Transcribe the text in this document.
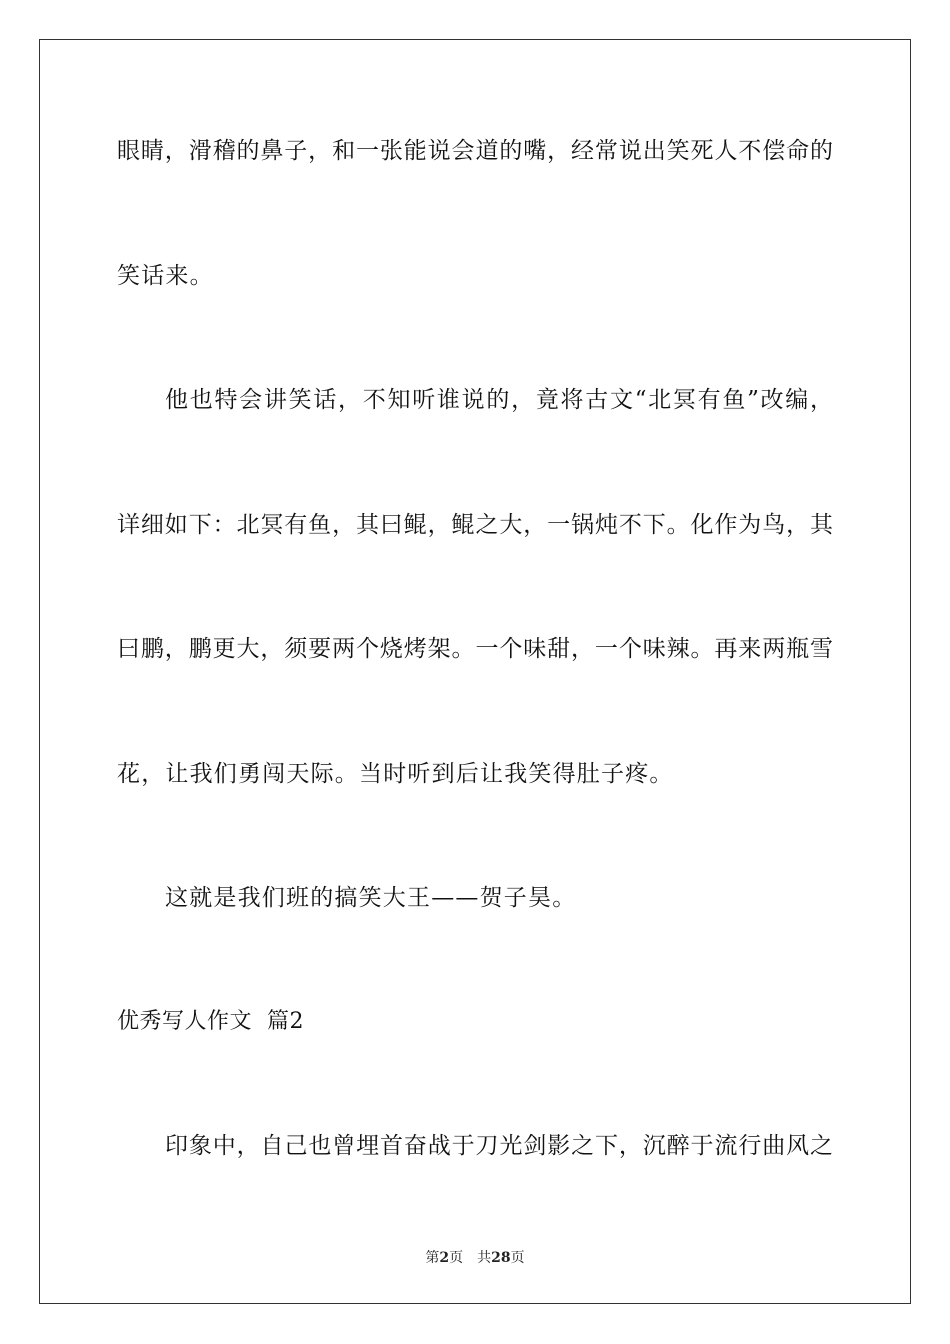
眼睛，滑稽的鼻子，和一张能说会道的嘴，经常说出笑死人不偿命的
笑话来。
他也特会讲笑话，不知听谁说的，竟将古文“北冥有鱼”改编，
详细如下：北冥有鱼，其曰鲲，鲲之大，一锅炖不下。化作为鸟，其
曰鹏，鹏更大，须要两个烧烤架。一个味甜，一个味辣。再来两瓶雪
花，让我们勇闯天际。当时听到后让我笑得肚子疼。
这就是我们班的搞笑大王——贺子昊。
优秀写人作文  篇2
印象中，自己也曾埋首奋战于刀光剑影之下，沉醉于流行曲风之
第2页 共28页
